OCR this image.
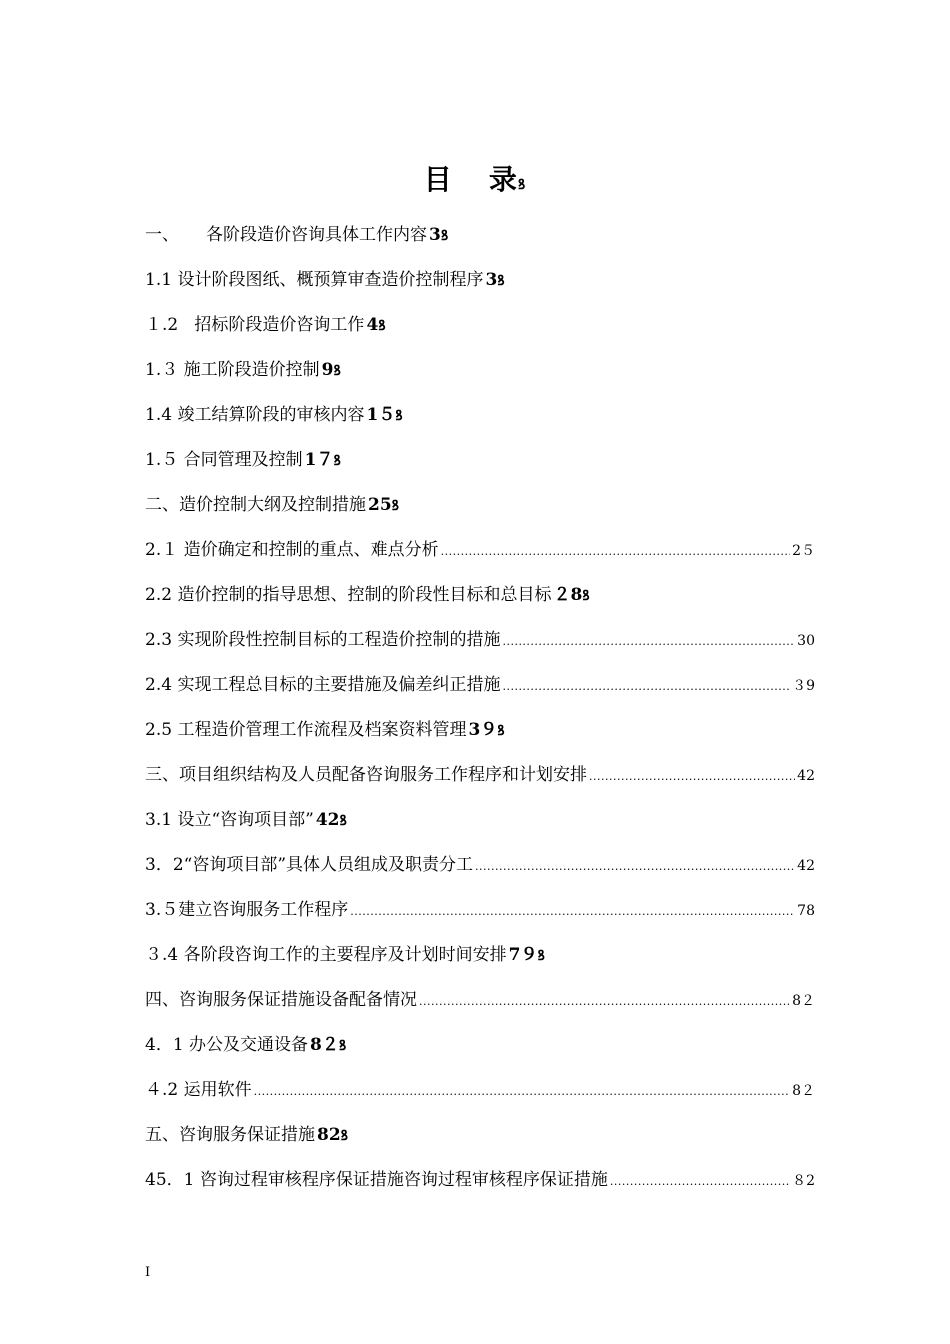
目 录ꝸ
一、     各阶段造价咨询具体工作内容 3 ꝸ
1.1 设计阶段图纸、概预算审查造价控制程序 3 ꝸ
１.2   招标阶段造价咨询工作 4 ꝸ
1.３ 施工阶段造价控制 9 ꝸ
1.4 竣工结算阶段的审核内容 1５ ꝸ
1.５ 合同管理及控制 1７ ꝸ
二、造价控制大纲及控制措施 25 ꝸ
2.１ 造价确定和控制的重点、难点分析 .....	2５
2.2 造价控制的指导思想、控制的阶段性目标和总目标 ２8 ꝸ
2.3 实现阶段性控制目标的工程造价控制的措施 .....	30
2.4 实现工程总目标的主要措施及偏差纠正措施 .....	３9
2.5 工程造价管理工作流程及档案资料管理 3９ ꝸ
三、项目组织结构及人员配备咨询服务工作程序和计划安排 .....	42
3.1 设立“咨询项目部” 42 ꝸ
3．2“咨询项目部”具体人员组成及职责分工 .....	42
3.５建立咨询服务工作程序 .....	78
３.4 各阶段咨询工作的主要程序及计划时间安排 7９ ꝸ
四、咨询服务保证措施设备配备情况 .....	8２
4．1 办公及交通设备 8２ ꝸ
４.2 运用软件 .....	8２
五、咨询服务保证措施 82 ꝸ
45．1 咨询过程审核程序保证措施咨询过程审核程序保证措施 .....	８2
I
